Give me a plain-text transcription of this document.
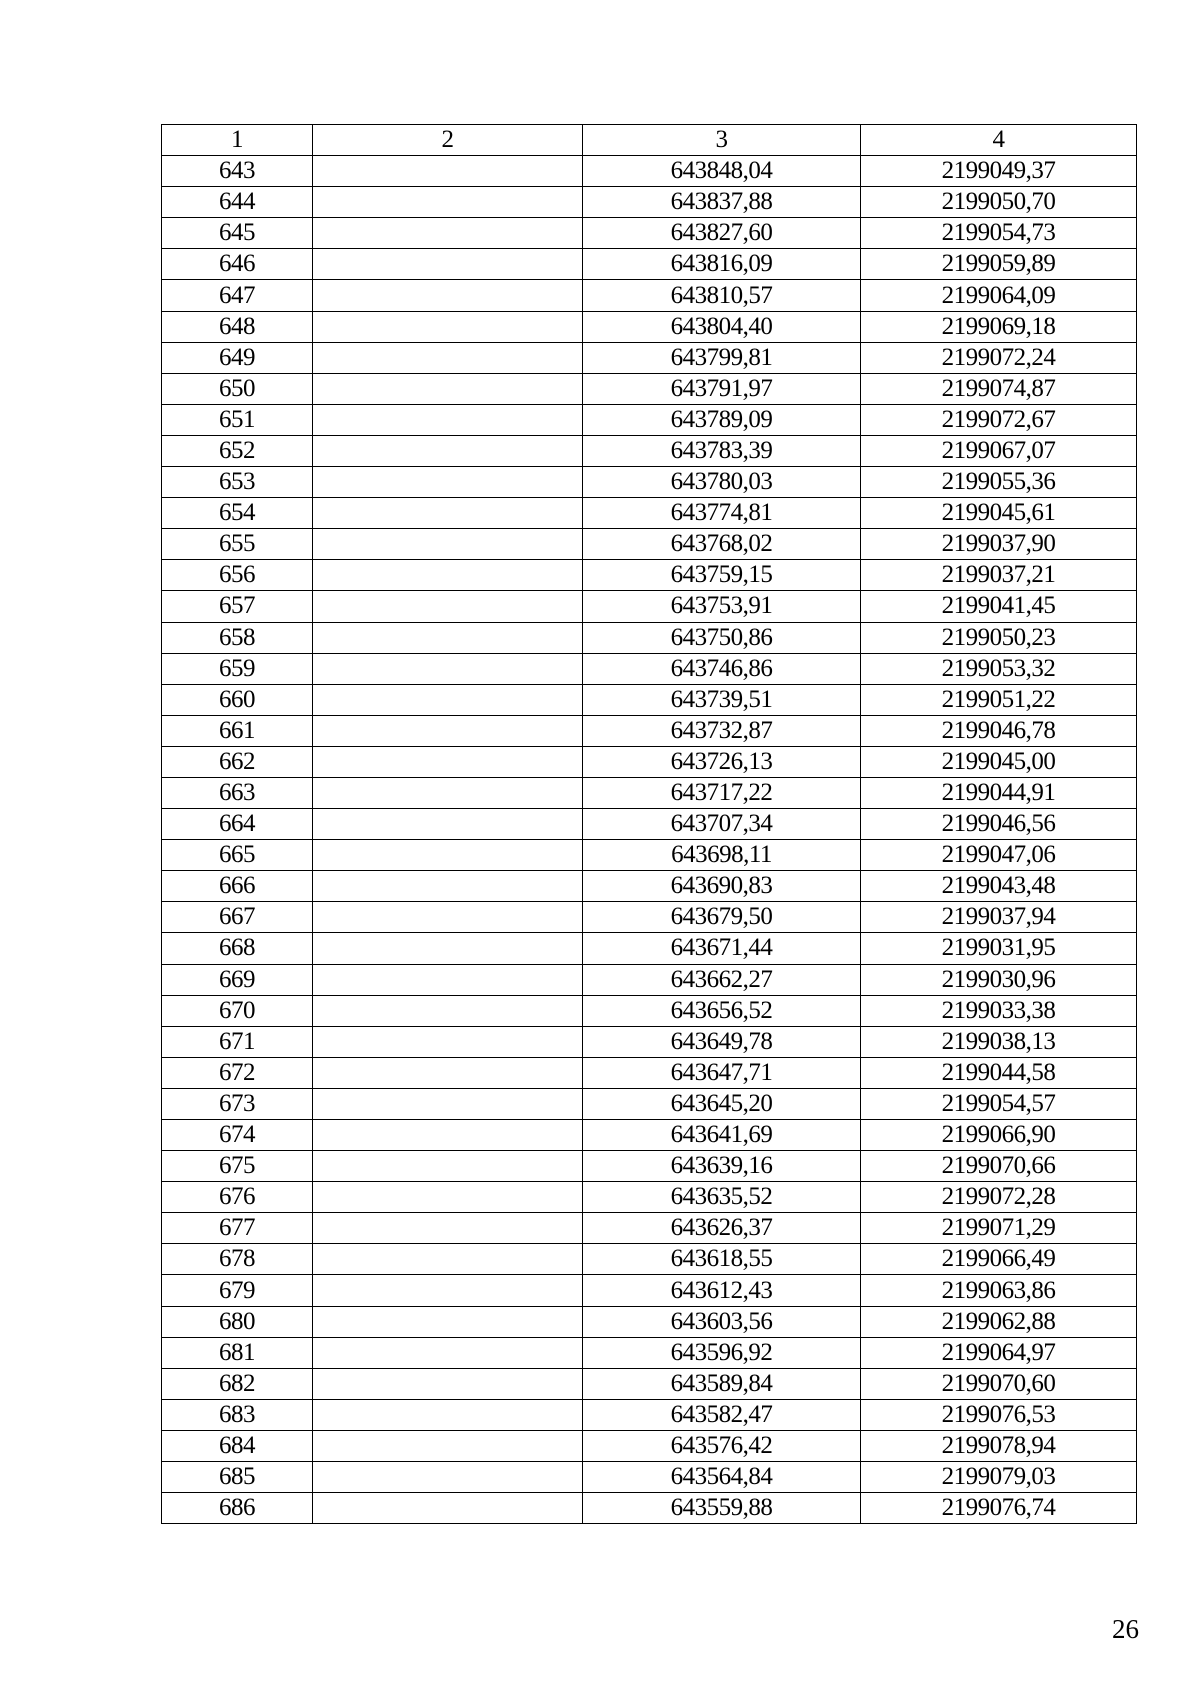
1	2	3	4
643		643848,04	2199049,37
644		643837,88	2199050,70
645		643827,60	2199054,73
646		643816,09	2199059,89
647		643810,57	2199064,09
648		643804,40	2199069,18
649		643799,81	2199072,24
650		643791,97	2199074,87
651		643789,09	2199072,67
652		643783,39	2199067,07
653		643780,03	2199055,36
654		643774,81	2199045,61
655		643768,02	2199037,90
656		643759,15	2199037,21
657		643753,91	2199041,45
658		643750,86	2199050,23
659		643746,86	2199053,32
660		643739,51	2199051,22
661		643732,87	2199046,78
662		643726,13	2199045,00
663		643717,22	2199044,91
664		643707,34	2199046,56
665		643698,11	2199047,06
666		643690,83	2199043,48
667		643679,50	2199037,94
668		643671,44	2199031,95
669		643662,27	2199030,96
670		643656,52	2199033,38
671		643649,78	2199038,13
672		643647,71	2199044,58
673		643645,20	2199054,57
674		643641,69	2199066,90
675		643639,16	2199070,66
676		643635,52	2199072,28
677		643626,37	2199071,29
678		643618,55	2199066,49
679		643612,43	2199063,86
680		643603,56	2199062,88
681		643596,92	2199064,97
682		643589,84	2199070,60
683		643582,47	2199076,53
684		643576,42	2199078,94
685		643564,84	2199079,03
686		643559,88	2199076,74
26
